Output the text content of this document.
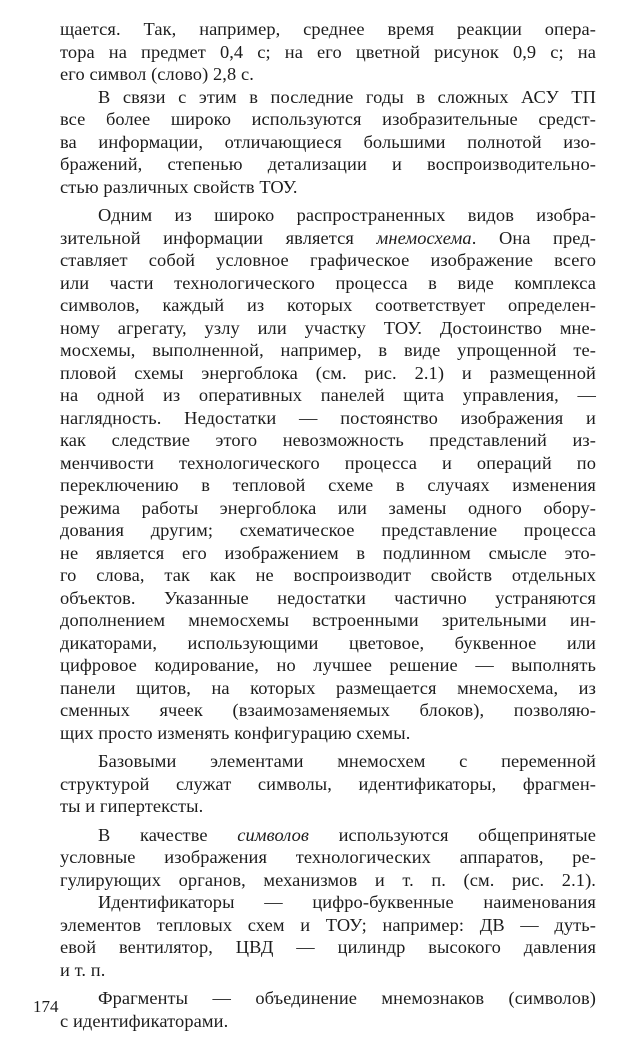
щается. Так, например, среднее время реакции опера-
тора на предмет 0,4 с; на его цветной рисунок 0,9 с; на
его символ (слово) 2,8 с.

В связи с этим в последние годы в сложных АСУ ТП
все более широко используются изобразительные средст-
ва информации, отличающиеся большими полнотой изо-
бражений, степенью детализации и воспроизводительно-
стью различных свойств ТОУ.

Одним из широко распространенных видов изобра-
зительной информации является мнемосхема. Она пред-
ставляет собой условное графическое изображение всего
или части технологического процесса в виде комплекса
символов, каждый из которых соответствует определен-
ному агрегату, узлу или участку ТОУ. Достоинство мне-
мосхемы, выполненной, например, в виде упрощенной те-
пловой схемы энергоблока (см. рис. 2.1) и размещенной
на одной из оперативных панелей щита управления, —
наглядность. Недостатки — постоянство изображения и
как следствие этого невозможность представлений из-
менчивости технологического процесса и операций по
переключению в тепловой схеме в случаях изменения
режима работы энергоблока или замены одного обору-
дования другим; схематическое представление процесса
не является его изображением в подлинном смысле это-
го слова, так как не воспроизводит свойств отдельных
объектов. Указанные недостатки частично устраняются
дополнением мнемосхемы встроенными зрительными ин-
дикаторами, использующими цветовое, буквенное или
цифровое кодирование, но лучшее решение — выполнять
панели щитов, на которых размещается мнемосхема, из
сменных ячеек (взаимозаменяемых блоков), позволяю-
щих просто изменять конфигурацию схемы.

Базовыми элементами мнемосхем с переменной
структурой служат символы, идентификаторы, фрагмен-
ты и гипертексты.

В качестве символов используются общепринятые
условные изображения технологических аппаратов, ре-
гулирующих органов, механизмов и т. п. (см. рис. 2.1).

Идентификаторы — цифро-буквенные наименования
элементов тепловых схем и ТОУ; например: ДВ — дуть-
евой вентилятор, ЦВД — цилиндр высокого давления
и т. п.

Фрагменты — объединение мнемознаков (символов)
с идентификаторами.

174
